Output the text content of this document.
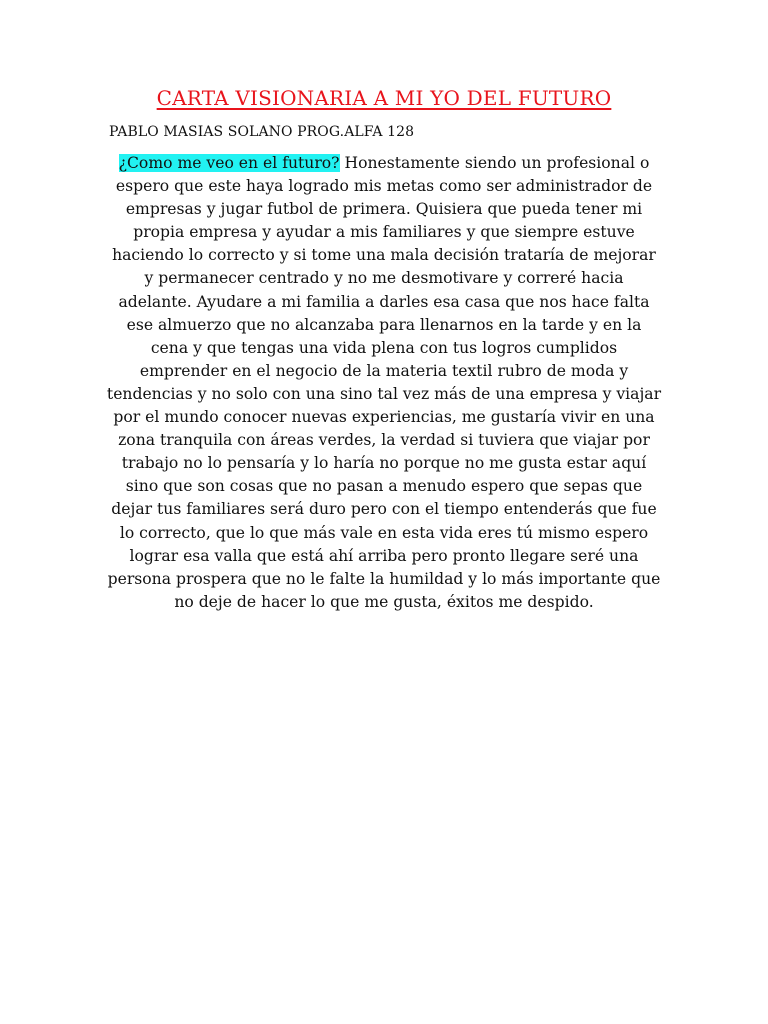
CARTA VISIONARIA A MI YO DEL FUTURO

PABLO MASIAS SOLANO PROG.ALFA 128

¿Como me veo en el futuro? Honestamente siendo un profesional o espero que este haya logrado mis metas como ser administrador de empresas y jugar futbol de primera. Quisiera que pueda tener mi propia empresa y ayudar a mis familiares y que siempre estuve haciendo lo correcto y si tome una mala decisión trataría de mejorar y permanecer centrado y no me desmotivare y correré hacia adelante. Ayudare a mi familia a darles esa casa que nos hace falta ese almuerzo que no alcanzaba para llenarnos en la tarde y en la cena y que tengas una vida plena con tus logros cumplidos emprender en el negocio de la materia textil rubro de moda y tendencias y no solo con una sino tal vez más de una empresa y viajar por el mundo conocer nuevas experiencias, me gustaría vivir en una zona tranquila con áreas verdes, la verdad si tuviera que viajar por trabajo no lo pensaría y lo haría no porque no me gusta estar aquí sino que son cosas que no pasan a menudo espero que sepas que dejar tus familiares será duro pero con el tiempo entenderás que fue lo correcto, que lo que más vale en esta vida eres tú mismo espero lograr esa valla que está ahí arriba pero pronto llegare seré una persona prospera que no le falte la humildad y lo más importante que no deje de hacer lo que me gusta, éxitos me despido.
